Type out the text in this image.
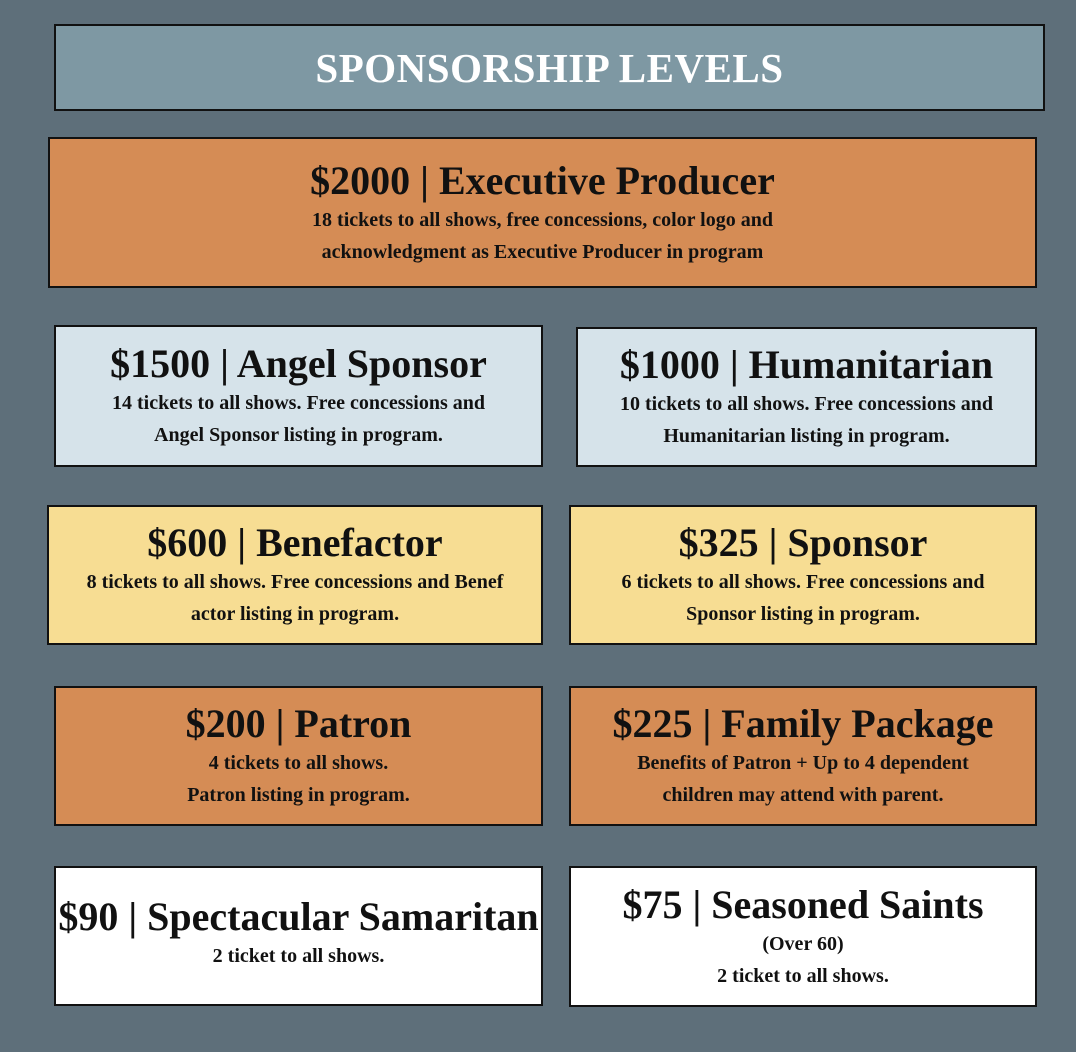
SPONSORSHIP LEVELS

$2000 | Executive Producer

18 tickets to all shows, free concessions, color logo and
acknowledgment as Executive Producer in program

$1500 | Angel Sponsor

14 tickets to all shows. Free concessions and
Angel Sponsor listing in program.

$1000 | Humanitarian

10 tickets to all shows. Free concessions and
Humanitarian listing in program.

$600 | Benefactor

8 tickets to all shows. Free concessions and Benef
actor listing in program.

$325 | Sponsor

6 tickets to all shows. Free concessions and
Sponsor listing in program.

$200 | Patron

4 tickets to all shows.
Patron listing in program.

$225 | Family Package

Benefits of Patron + Up to 4 dependent
children may attend with parent.

$90 | Spectacular Samaritan

2 ticket to all shows.

$75 | Seasoned Saints

(Over 60)
2 ticket to all shows.
